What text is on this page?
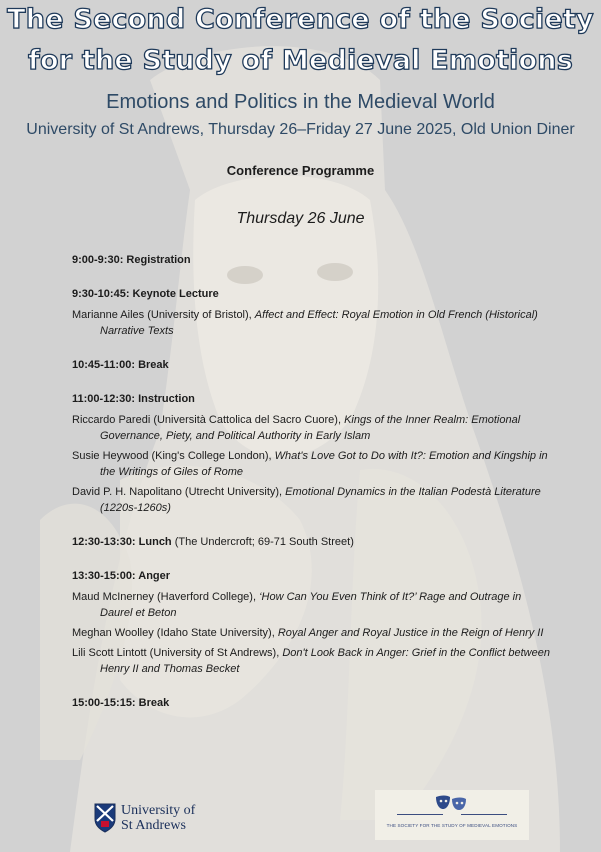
The Second Conference of the Society
for the Study of Medieval Emotions
Emotions and Politics in the Medieval World
University of St Andrews, Thursday 26–Friday 27 June 2025, Old Union Diner
Conference Programme
Thursday 26 June
9:00-9:30: Registration
9:30-10:45: Keynote Lecture
Marianne Ailes (University of Bristol), Affect and Effect: Royal Emotion in Old French (Historical) Narrative Texts
10:45-11:00: Break
11:00-12:30: Instruction
Riccardo Paredi (Università Cattolica del Sacro Cuore), Kings of the Inner Realm: Emotional Governance, Piety, and Political Authority in Early Islam
Susie Heywood (King's College London), What's Love Got to Do with It?: Emotion and Kingship in the Writings of Giles of Rome
David P. H. Napolitano (Utrecht University), Emotional Dynamics in the Italian Podestà Literature (1220s-1260s)
12:30-13:30: Lunch (The Undercroft; 69-71 South Street)
13:30-15:00: Anger
Maud McInerney (Haverford College), ‘How Can You Even Think of It?’ Rage and Outrage in Daurel et Beton
Meghan Woolley (Idaho State University), Royal Anger and Royal Justice in the Reign of Henry II
Lili Scott Lintott (University of St Andrews), Don't Look Back in Anger: Grief in the Conflict between Henry II and Thomas Becket
15:00-15:15: Break
University of
St Andrews	THE SOCIETY FOR THE STUDY OF MEDIEVAL EMOTIONS
